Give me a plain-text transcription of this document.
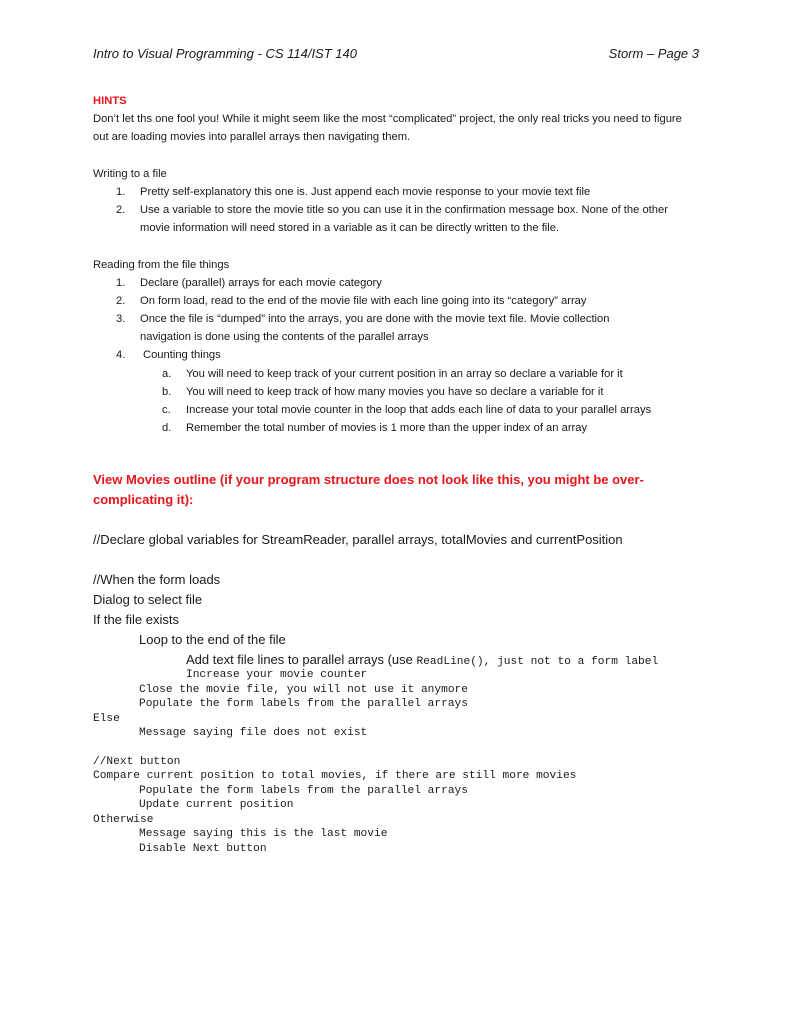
Intro to Visual Programming - CS 114/IST 140	Storm – Page 3
HINTS
Don’t let ths one fool you! While it might seem like the most “complicated” project, the only real tricks you need to figure out are loading movies into parallel arrays then navigating them.
Writing to a file
1. Pretty self-explanatory this one is. Just append each movie response to your movie text file
2. Use a variable to store the movie title so you can use it in the confirmation message box. None of the other movie information will need stored in a variable as it can be directly written to the file.
Reading from the file things
1. Declare (parallel) arrays for each movie category
2. On form load, read to the end of the movie file with each line going into its “category” array
3. Once the file is “dumped” into the arrays, you are done with the movie text file. Movie collection navigation is done using the contents of the parallel arrays
4. Counting things
a. You will need to keep track of your current position in an array so declare a variable for it
b. You will need to keep track of how many movies you have so declare a variable for it
c. Increase your total movie counter in the loop that adds each line of data to your parallel arrays
d. Remember the total number of movies is 1 more than the upper index of an array
View Movies outline (if your program structure does not look like this, you might be over-complicating it):
//Declare global variables for StreamReader, parallel arrays, totalMovies and currentPosition
//When the form loads
Dialog to select file
If the file exists
Loop to the end of the file
Add text file lines to parallel arrays (use ReadLine(), just not to a form label
Increase your movie counter
Close the movie file, you will not use it anymore
Populate the form labels from the parallel arrays
Else
Message saying file does not exist
//Next button
Compare current position to total movies, if there are still more movies
Populate the form labels from the parallel arrays
Update current position
Otherwise
Message saying this is the last movie
Disable Next button
